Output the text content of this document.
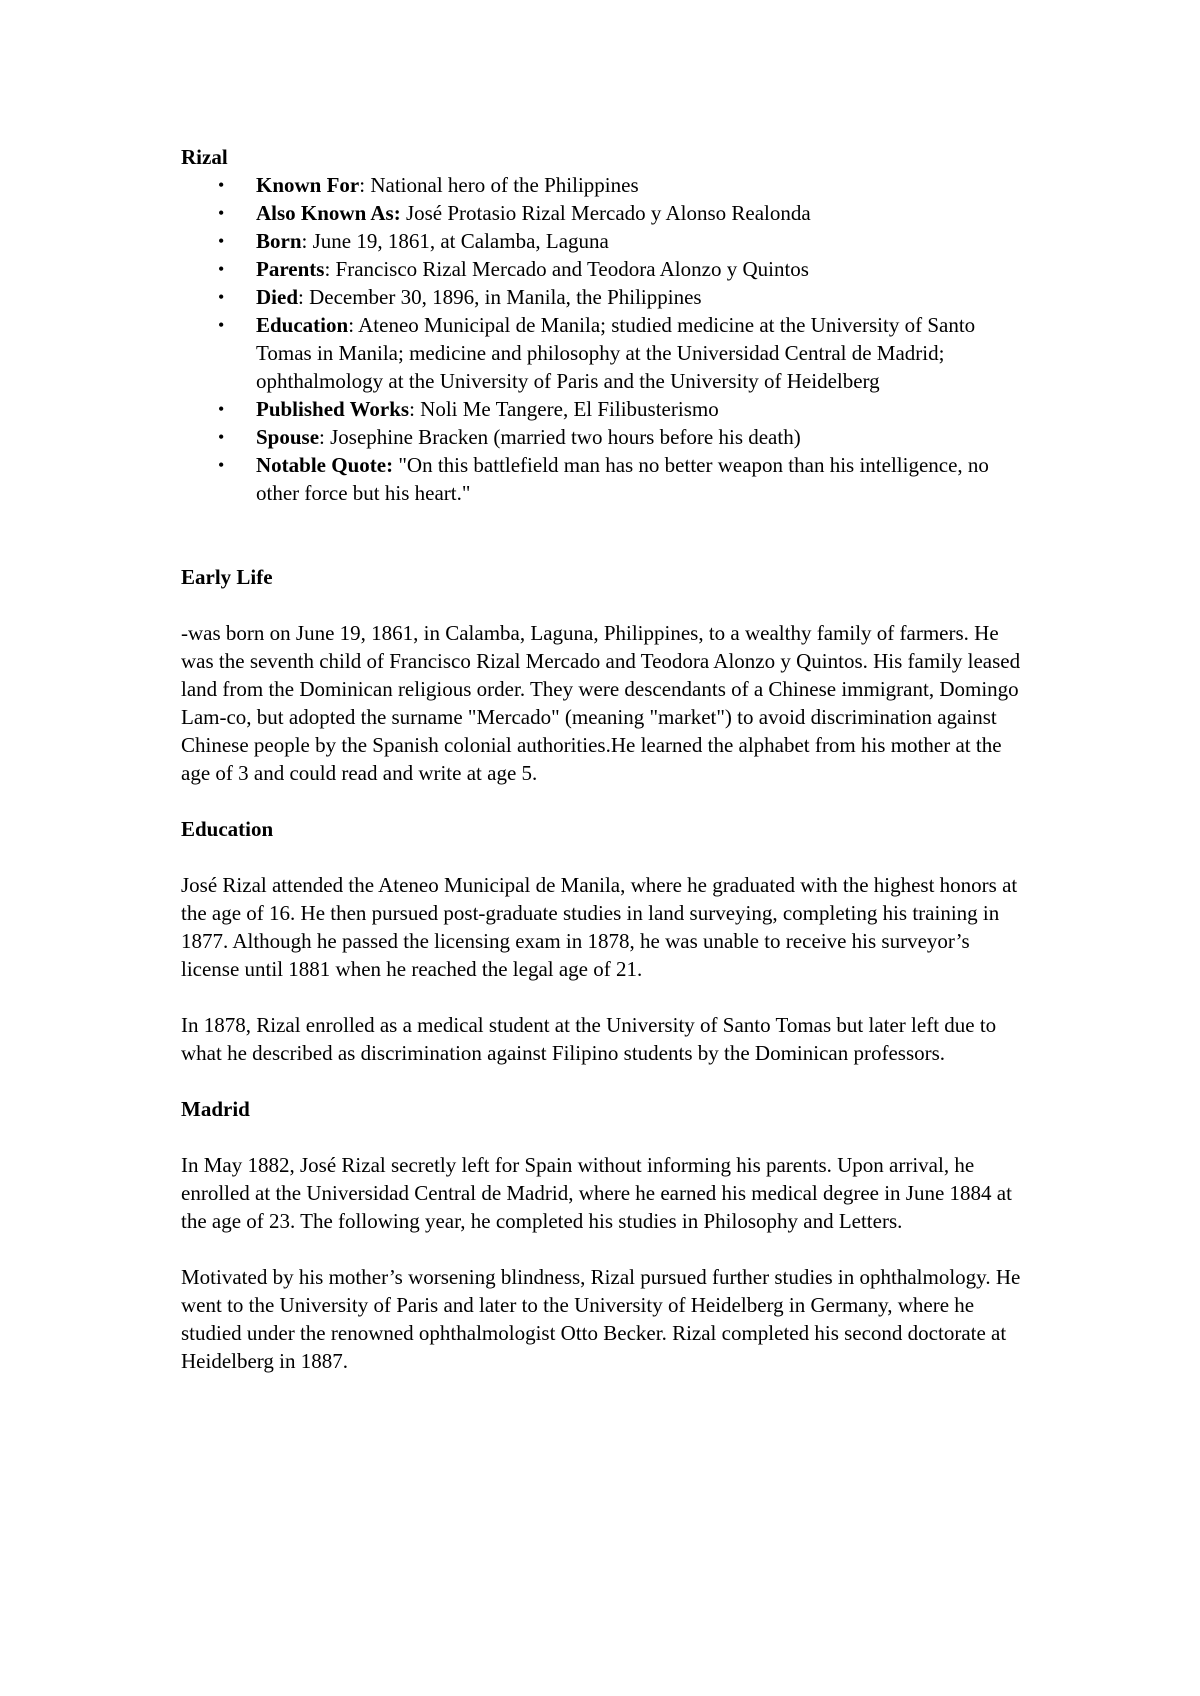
Rizal

• Known For: National hero of the Philippines
• Also Known As: José Protasio Rizal Mercado y Alonso Realonda
• Born: June 19, 1861, at Calamba, Laguna
• Parents: Francisco Rizal Mercado and Teodora Alonzo y Quintos
• Died: December 30, 1896, in Manila, the Philippines
• Education: Ateneo Municipal de Manila; studied medicine at the University of Santo Tomas in Manila; medicine and philosophy at the Universidad Central de Madrid; ophthalmology at the University of Paris and the University of Heidelberg
• Published Works: Noli Me Tangere, El Filibusterismo
• Spouse: Josephine Bracken (married two hours before his death)
• Notable Quote: "On this battlefield man has no better weapon than his intelligence, no other force but his heart."

Early Life

-was born on June 19, 1861, in Calamba, Laguna, Philippines, to a wealthy family of farmers. He was the seventh child of Francisco Rizal Mercado and Teodora Alonzo y Quintos. His family leased land from the Dominican religious order. They were descendants of a Chinese immigrant, Domingo Lam-co, but adopted the surname "Mercado" (meaning "market") to avoid discrimination against Chinese people by the Spanish colonial authorities.He learned the alphabet from his mother at the age of 3 and could read and write at age 5.

Education

José Rizal attended the Ateneo Municipal de Manila, where he graduated with the highest honors at the age of 16. He then pursued post-graduate studies in land surveying, completing his training in 1877. Although he passed the licensing exam in 1878, he was unable to receive his surveyor’s license until 1881 when he reached the legal age of 21.

In 1878, Rizal enrolled as a medical student at the University of Santo Tomas but later left due to what he described as discrimination against Filipino students by the Dominican professors.

Madrid

In May 1882, José Rizal secretly left for Spain without informing his parents. Upon arrival, he enrolled at the Universidad Central de Madrid, where he earned his medical degree in June 1884 at the age of 23. The following year, he completed his studies in Philosophy and Letters.

Motivated by his mother’s worsening blindness, Rizal pursued further studies in ophthalmology. He went to the University of Paris and later to the University of Heidelberg in Germany, where he studied under the renowned ophthalmologist Otto Becker. Rizal completed his second doctorate at Heidelberg in 1887.
